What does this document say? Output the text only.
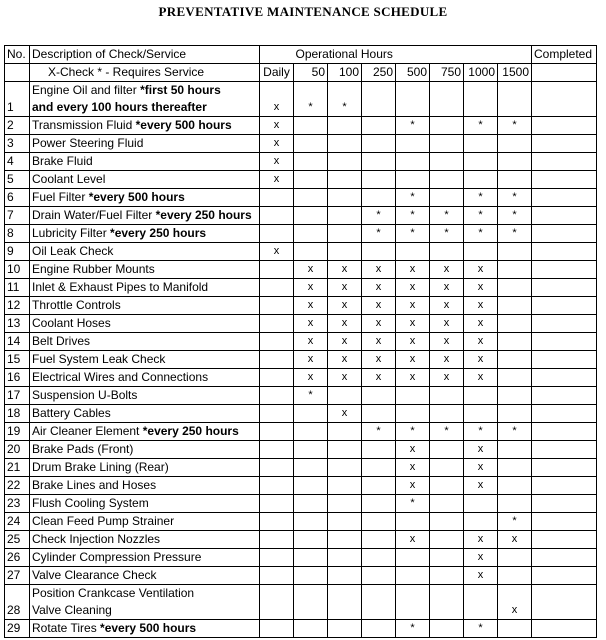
PREVENTATIVE MAINTENANCE SCHEDULE
No.	Description of Check/Service		Operational Hours							Completed
	X-Check * - Requires Service	Daily	50	100	250	500	750	1000	1500	
1	Engine Oil and filter *first 50 hours
and every 100 hours thereafter	x	*	*						
2	Transmission Fluid *every 500 hours	x				*		*	*	
3	Power Steering Fluid	x								
4	Brake Fluid	x								
5	Coolant Level	x								
6	Fuel Filter *every 500 hours					*		*	*	
7	Drain Water/Fuel Filter *every 250 hours				*	*	*	*	*	
8	Lubricity Filter *every 250 hours				*	*	*	*	*	
9	Oil Leak Check	x								
10	Engine Rubber Mounts		x	x	x	x	x	x		
11	Inlet & Exhaust Pipes to Manifold		x	x	x	x	x	x		
12	Throttle Controls		x	x	x	x	x	x		
13	Coolant Hoses		x	x	x	x	x	x		
14	Belt Drives		x	x	x	x	x	x		
15	Fuel System Leak Check		x	x	x	x	x	x		
16	Electrical Wires and Connections		x	x	x	x	x	x		
17	Suspension U-Bolts		*							
18	Battery Cables			x						
19	Air Cleaner Element *every 250 hours				*	*	*	*	*	
20	Brake Pads (Front)					x		x		
21	Drum Brake Lining (Rear)					x		x		
22	Brake Lines and Hoses					x		x		
23	Flush Cooling System					*				
24	Clean Feed Pump Strainer								*	
25	Check Injection Nozzles					x		x	x	
26	Cylinder Compression Pressure							x		
27	Valve Clearance Check							x		
28	Position Crankcase Ventilation
Valve Cleaning								x	
29	Rotate Tires *every 500 hours					*		*		
